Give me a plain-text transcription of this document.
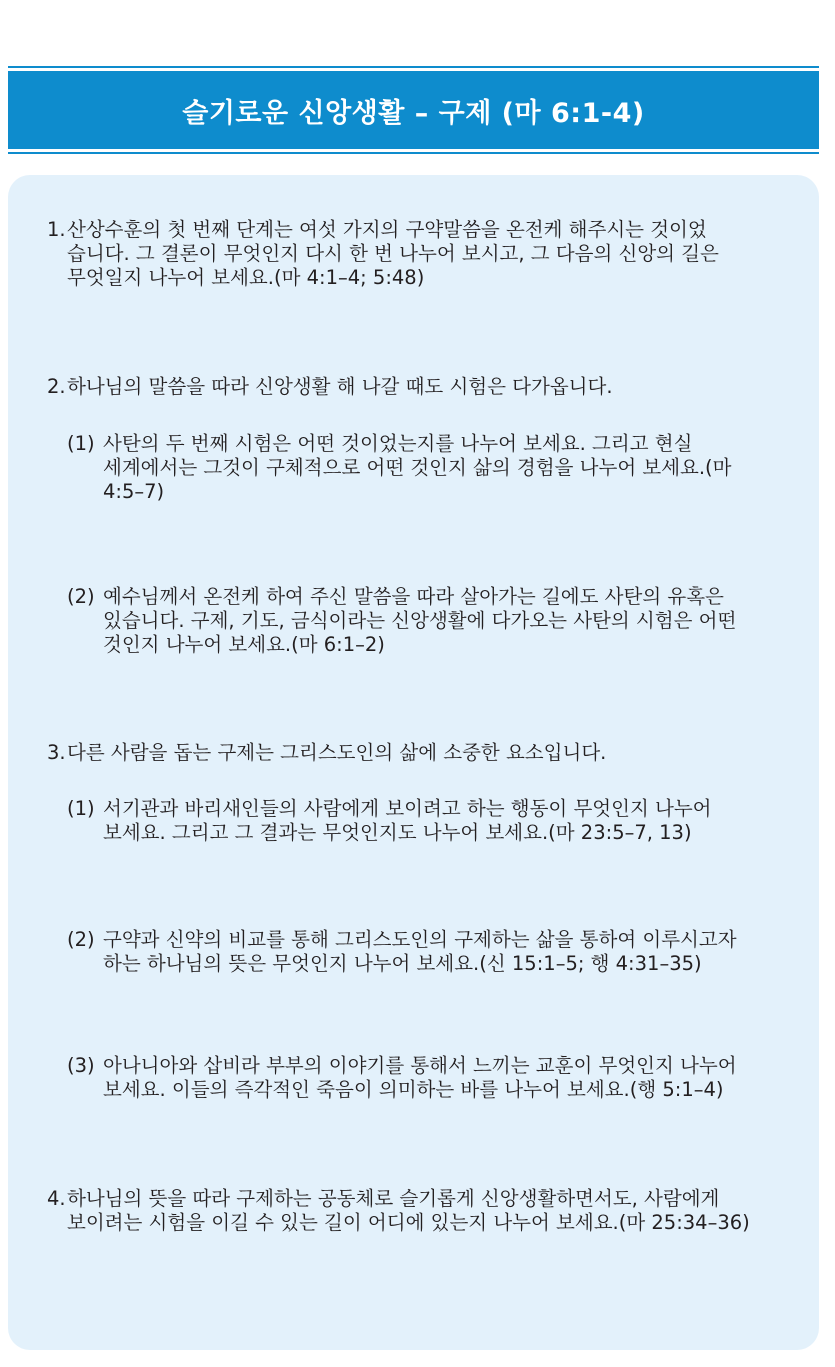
슬기로운 신앙생활 – 구제 (마 6:1-4)
1. 산상수훈의 첫 번째 단계는 여섯 가지의 구약말씀을 온전케 해주시는 것이었
습니다. 그 결론이 무엇인지 다시 한 번 나누어 보시고, 그 다음의 신앙의 길은
무엇일지 나누어 보세요.(마 4:1–4; 5:48)
2. 하나님의 말씀을 따라 신앙생활 해 나갈 때도 시험은 다가옵니다.
(1) 사탄의 두 번째 시험은 어떤 것이었는지를 나누어 보세요. 그리고 현실
세계에서는 그것이 구체적으로 어떤 것인지 삶의 경험을 나누어 보세요.(마
4:5–7)
(2) 예수님께서 온전케 하여 주신 말씀을 따라 살아가는 길에도 사탄의 유혹은
있습니다. 구제, 기도, 금식이라는 신앙생활에 다가오는 사탄의 시험은 어떤
것인지 나누어 보세요.(마 6:1–2)
3. 다른 사람을 돕는 구제는 그리스도인의 삶에 소중한 요소입니다.
(1) 서기관과 바리새인들의 사람에게 보이려고 하는 행동이 무엇인지 나누어
보세요. 그리고 그 결과는 무엇인지도 나누어 보세요.(마 23:5–7, 13)
(2) 구약과 신약의 비교를 통해 그리스도인의 구제하는 삶을 통하여 이루시고자
하는 하나님의 뜻은 무엇인지 나누어 보세요.(신 15:1–5; 행 4:31–35)
(3) 아나니아와 삽비라 부부의 이야기를 통해서 느끼는 교훈이 무엇인지 나누어
보세요. 이들의 즉각적인 죽음이 의미하는 바를 나누어 보세요.(행 5:1–4)
4. 하나님의 뜻을 따라 구제하는 공동체로 슬기롭게 신앙생활하면서도, 사람에게
보이려는 시험을 이길 수 있는 길이 어디에 있는지 나누어 보세요.(마 25:34–36)
